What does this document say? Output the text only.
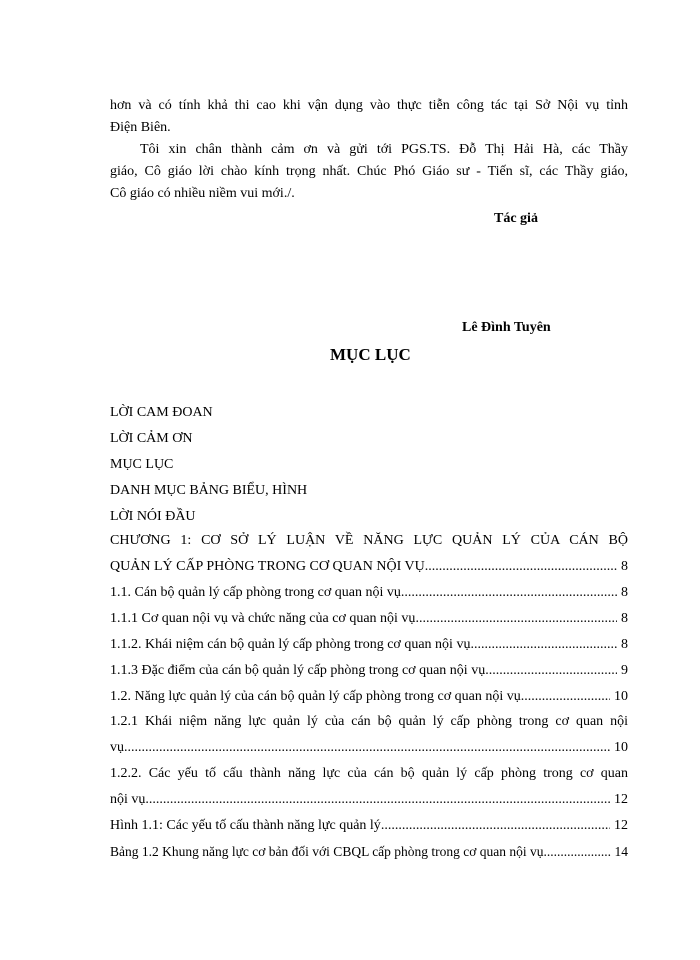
hơn và có tính khả thi cao khi vận dụng vào thực tiễn công tác tại Sở Nội vụ tỉnh
Điện Biên.
Tôi xin chân thành cảm ơn và gửi tới PGS.TS. Đỗ Thị Hải Hà, các Thầy
giáo, Cô giáo lời chào kính trọng nhất. Chúc Phó Giáo sư - Tiến sĩ, các Thầy giáo,
Cô giáo có nhiều niềm vui mới./.
Tác giả
Lê Đình Tuyên
MỤC LỤC
LỜI CAM ĐOAN
LỜI CẢM ƠN
MỤC LỤC
DANH MỤC BẢNG BIỂU, HÌNH
LỜI NÓI ĐẦU
CHƯƠNG 1: CƠ SỞ LÝ LUẬN VỀ NĂNG LỰC QUẢN LÝ CỦA CÁN BỘ
QUẢN LÝ CẤP PHÒNG TRONG CƠ QUAN NỘI VỤ .....	8
1.1. Cán bộ quản lý cấp phòng trong cơ quan nội vụ .....	8
1.1.1 Cơ quan nội vụ và chức năng của cơ quan nội vụ .....	8
1.1.2. Khái niệm cán bộ quản lý cấp phòng trong cơ quan nội vụ .....	8
1.1.3 Đặc điểm của cán bộ quản lý cấp phòng trong cơ quan nội vụ .....	9
1.2. Năng lực quản lý của cán bộ quản lý cấp phòng trong cơ quan nội vụ .....	10
1.2.1 Khái niệm năng lực quản lý của cán bộ quản lý cấp phòng trong cơ quan nội
vụ .....	10
1.2.2. Các yếu tố cấu thành năng lực của cán bộ quản lý cấp phòng trong cơ quan
nội vụ .....	12
Hình 1.1: Các yếu tố cấu thành năng lực quản lý .....	12
Bảng 1.2 Khung năng lực cơ bản đối với CBQL cấp phòng trong cơ quan nội vụ .....	14
